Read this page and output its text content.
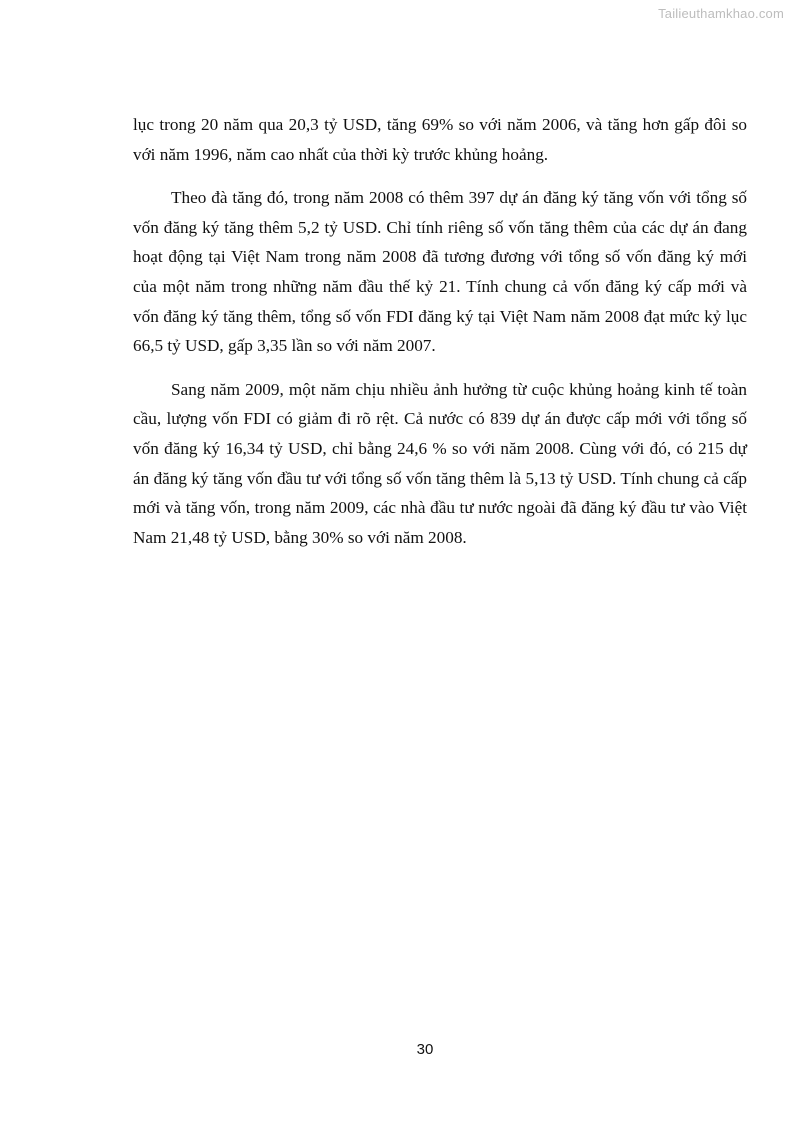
Tailieuthamkhao.com

lục trong 20 năm qua 20,3 tỷ USD, tăng 69% so với năm 2006, và tăng hơn gấp đôi so với năm 1996, năm cao nhất của thời kỳ trước khủng hoảng.

Theo đà tăng đó, trong năm 2008 có thêm 397 dự án đăng ký tăng vốn với tổng số vốn đăng ký tăng thêm 5,2 tỷ USD. Chỉ tính riêng số vốn tăng thêm của các dự án đang hoạt động tại Việt Nam trong năm 2008 đã tương đương với tổng số vốn đăng ký mới của một năm trong những năm đầu thế kỷ 21. Tính chung cả vốn đăng ký cấp mới và vốn đăng ký tăng thêm, tổng số vốn FDI đăng ký tại Việt Nam năm 2008 đạt mức kỷ lục 66,5 tỷ USD, gấp 3,35 lần so với năm 2007.

Sang năm 2009, một năm chịu nhiều ảnh hưởng từ cuộc khủng hoảng kinh tế toàn cầu, lượng vốn FDI có giảm đi rõ rệt. Cả nước có 839 dự án được cấp mới với tổng số vốn đăng ký 16,34 tỷ USD, chỉ bằng 24,6 % so với năm 2008. Cùng với đó, có 215 dự án đăng ký tăng vốn đầu tư với tổng số vốn tăng thêm là 5,13 tỷ USD. Tính chung cả cấp mới và tăng vốn, trong năm 2009, các nhà đầu tư nước ngoài đã đăng ký đầu tư vào Việt Nam 21,48 tỷ USD, bằng 30% so với năm 2008.

30
